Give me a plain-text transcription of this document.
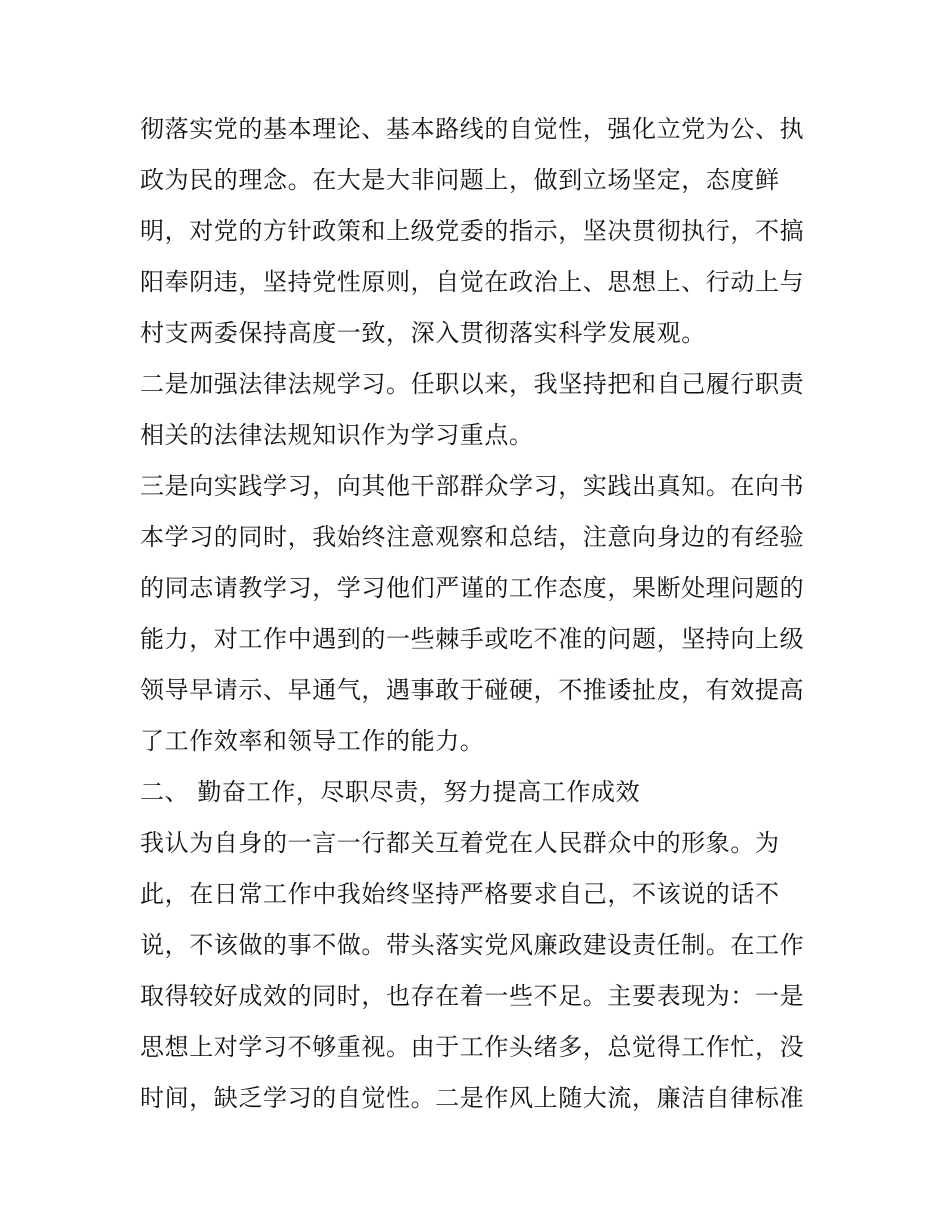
彻落实党的基本理论、基本路线的自觉性，强化立党为公、执
政为民的理念。在大是大非问题上，做到立场坚定，态度鲜
明，对党的方针政策和上级党委的指示，坚决贯彻执行，不搞
阳奉阴违，坚持党性原则，自觉在政治上、思想上、行动上与
村支两委保持高度一致，深入贯彻落实科学发展观。
二是加强法律法规学习。任职以来，我坚持把和自己履行职责
相关的法律法规知识作为学习重点。
三是向实践学习，向其他干部群众学习，实践出真知。在向书
本学习的同时，我始终注意观察和总结，注意向身边的有经验
的同志请教学习，学习他们严谨的工作态度，果断处理问题的
能力，对工作中遇到的一些棘手或吃不准的问题，坚持向上级
领导早请示、早通气，遇事敢于碰硬，不推诿扯皮，有效提高
了工作效率和领导工作的能力。
二、 勤奋工作，尽职尽责，努力提高工作成效
我认为自身的一言一行都关互着党在人民群众中的形象。为
此，在日常工作中我始终坚持严格要求自己，不该说的话不
说，不该做的事不做。带头落实党风廉政建设责任制。在工作
取得较好成效的同时，也存在着一些不足。主要表现为：一是
思想上对学习不够重视。由于工作头绪多，总觉得工作忙，没
时间，缺乏学习的自觉性。二是作风上随大流，廉洁自律标准
